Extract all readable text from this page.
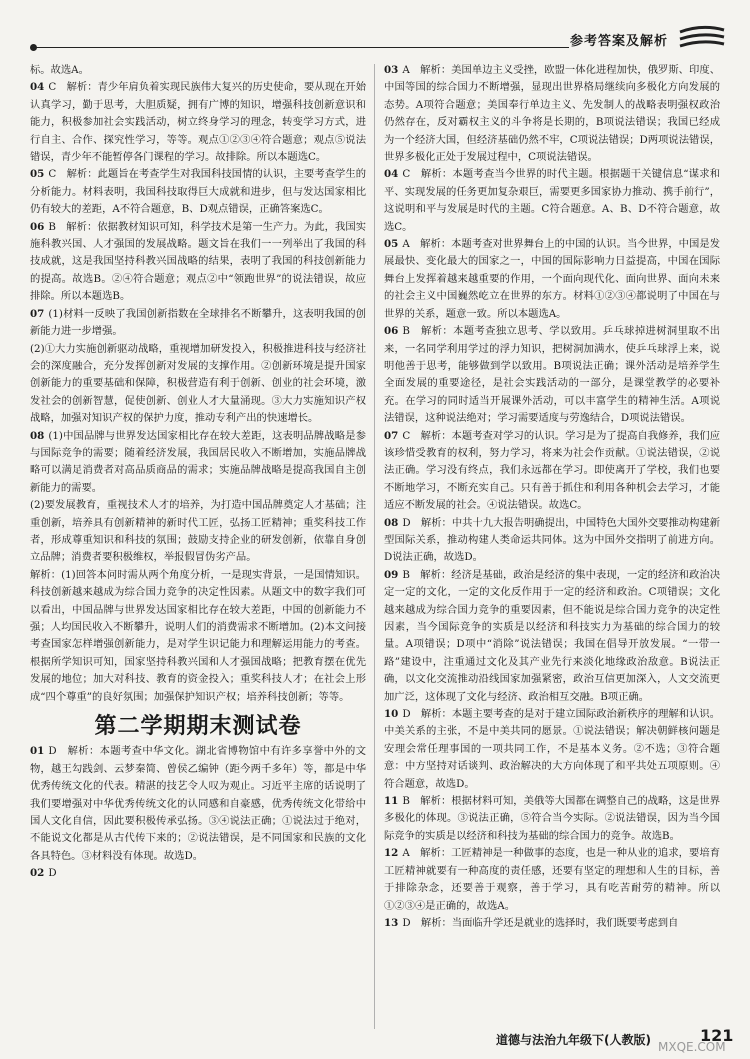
参考答案及解析

标。故选A。

04 C　解析：青少年肩负着实现民族伟大复兴的历史使命，要从现在开始认真学习，勤于思考，大胆质疑，拥有广博的知识，增强科技创新意识和能力，积极参加社会实践活动，树立终身学习的理念，转变学习方式，进行自主、合作、探究性学习，等等。观点①②③④符合题意；观点⑤说法错误，青少年不能暂停各门课程的学习。故排除。所以本题选C。

05 C　解析：此题旨在考查学生对我国科技国情的认识，主要考查学生的分析能力。材料表明，我国科技取得巨大成就和进步，但与发达国家相比仍有较大的差距，A不符合题意，B、D观点错误，正确答案选C。

06 B　解析：依据教材知识可知，科学技术是第一生产力。为此，我国实施科教兴国、人才强国的发展战略。题文旨在我们一一列举出了我国的科技成就，这是我国坚持科教兴国战略的结果，表明了我国的科技创新能力的提高。故选B。②④符合题意；观点②中“领跑世界”的说法错误，故应排除。所以本题选B。

07 (1)材料一反映了我国创新指数在全球排名不断攀升，这表明我国的创新能力进一步增强。

(2)①大力实施创新驱动战略，重视增加研发投入，积极推进科技与经济社会的深度融合，充分发挥创新对发展的支撑作用。②创新环境是提升国家创新能力的重要基础和保障，积极营造有利于创新、创业的社会环境，激发社会的创新智慧，促使创新、创业人才大量涌现。③大力实施知识产权战略，加强对知识产权的保护力度，推动专利产出的快速增长。

08 (1)中国品牌与世界发达国家相比存在较大差距，这表明品牌战略是参与国际竞争的需要；随着经济发展，我国居民收入不断增加，实施品牌战略可以满足消费者对高品质商品的需求；实施品牌战略是提高我国自主创新能力的需要。

(2)要发展教育，重视技术人才的培养，为打造中国品牌奠定人才基础；注重创新，培养具有创新精神的新时代工匠，弘扬工匠精神；重奖科技工作者，形成尊重知识和科技的氛围；鼓励支持企业的研发创新，依靠自身创立品牌；消费者要积极维权，举报假冒伪劣产品。

解析：(1)回答本问时需从两个角度分析，一是现实背景，一是国情知识。科技创新越来越成为综合国力竞争的决定性因素。从题文中的数字我们可以看出，中国品牌与世界发达国家相比存在较大差距，中国的创新能力不强；人均国民收入不断攀升，说明人们的消费需求不断增加。(2)本文问接考查国家怎样增强创新能力，是对学生识记能力和理解运用能力的考查。根据所学知识可知，国家坚持科教兴国和人才强国战略；把教育摆在优先发展的地位；加大对科技、教育的资金投入；重奖科技人才；在社会上形成“四个尊重”的良好氛围；加强保护知识产权；培养科技创新；等等。

第二学期期末测试卷

01 D　解析：本题考查中华文化。湖北省博物馆中有许多享誉中外的文物，越王勾践剑、云梦秦简、曾侯乙编钟（距今两千多年）等，都是中华优秀传统文化的代表。精湛的技艺令人叹为观止。习近平主席的话说明了我们要增强对中华优秀传统文化的认同感和自豪感，优秀传统文化带给中国人文化自信，因此要积极传承弘扬。③④说法正确；①说法过于绝对，不能说文化都是从古代传下来的；②说法错误，是不同国家和民族的文化各具特色。③材料没有体现。故选D。

02 D

03 A　解析：美国单边主义受挫，欧盟一体化进程加快，俄罗斯、印度、中国等国的综合国力不断增强，显现出世界格局继续向多极化方向发展的态势。A项符合题意；美国奉行单边主义、先发制人的战略表明强权政治仍然存在，反对霸权主义的斗争将是长期的，B项说法错误；我国已经成为一个经济大国，但经济基础仍然不牢，C项说法错误；D两项说法错误，世界多极化正处于发展过程中，C项说法错误。

04 C　解析：本题考查当今世界的时代主题。根据题干关键信息“谋求和平、实现发展的任务更加复杂艰巨，需要更多国家协力推动、携手前行”，这说明和平与发展是时代的主题。C符合题意。A、B、D不符合题意，故选C。

05 A　解析：本题考查对世界舞台上的中国的认识。当今世界，中国是发展最快、变化最大的国家之一，中国的国际影响力日益提高，中国在国际舞台上发挥着越来越重要的作用，一个面向现代化、面向世界、面向未来的社会主义中国巍然屹立在世界的东方。材料①②③④都说明了中国在与世界的关系，题意一致。所以本题选A。

06 B　解析：本题考查独立思考、学以致用。乒乓球掉进树洞里取不出来，一名同学利用学过的浮力知识，把树洞加满水，使乒乓球浮上来，说明他善于思考，能够做到学以致用。B项说法正确；课外活动是培养学生全面发展的重要途径，是社会实践活动的一部分，是课堂教学的必要补充。在学习的同时适当开展课外活动，可以丰富学生的精神生活。A项说法错误，这种说法绝对；学习需要适度与劳逸结合，D项说法错误。

07 C　解析：本题考查对学习的认识。学习是为了提高自我修养，我们应该珍惜受教育的权利，努力学习，将来为社会作贡献。①说法错误，②说法正确。学习没有终点，我们永远都在学习。即使离开了学校，我们也要不断地学习，不断充实自己。只有善于抓住和利用各种机会去学习，才能适应不断发展的社会。④说法错误。故选C。

08 D　解析：中共十九大报告明确提出，中国特色大国外交要推动构建新型国际关系，推动构建人类命运共同体。这为中国外交指明了前进方向。D说法正确，故选D。

09 B　解析：经济是基础，政治是经济的集中表现，一定的经济和政治决定一定的文化，一定的文化反作用于一定的经济和政治。C项错误；文化越来越成为综合国力竞争的重要因素，但不能说是综合国力竞争的决定性因素，当今国际竞争的实质是以经济和科技实力为基础的综合国力的较量。A项错误；D项中“消除”说法错误；我国在倡导开放发展。“一带一路”建设中，注重通过文化及其产业先行来淡化地缘政治敌意。B说法正确，以文化交流推动沿线国家加强紧密，政治互信更加深入，人文交流更加广泛，这体现了文化与经济、政治相互交融。B项正确。

10 D　解析：本题主要考查的是对于建立国际政治新秩序的理解和认识。中美关系的主张，不是中美共同的愿景。①说法错误；解决朝鲜核问题是安理会常任理事国的一项共同工作，不是基本义务。②不选；③符合题意：中方坚持对话谈判、政治解决的大方向体现了和平共处五项原则。④符合题意，故选D。

11 B　解析：根据材料可知，美俄等大国都在调整自己的战略，这是世界多极化的体现。③说法正确，⑤符合当今实际。②说法错误，因为当今国际竞争的实质是以经济和科技为基础的综合国力的竞争。故选B。

12 A　解析：工匠精神是一种做事的态度，也是一种从业的追求，要培育工匠精神就要有一种高度的责任感，还要有坚定的理想和人生的目标，善于排除杂念，还要善于观察，善于学习，具有吃苦耐劳的精神。所以①②③④是正确的，故选A。

13 D　解析：当面临升学还是就业的选择时，我们既要考虑到自

道德与法治九年级下(人教版)	121
MXQE.COM
